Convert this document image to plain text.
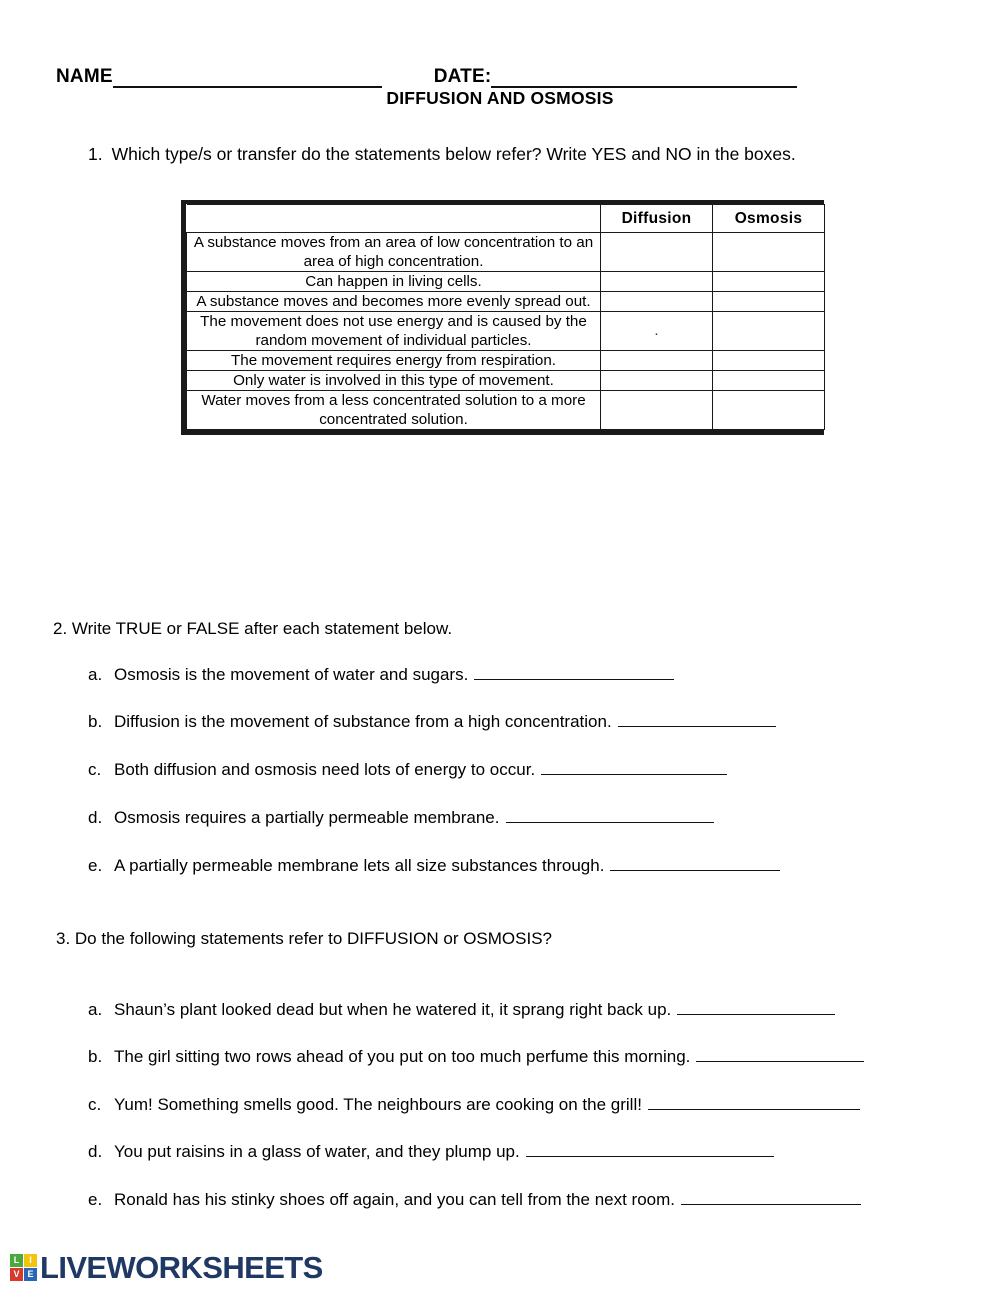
NAME	DATE:
DIFFUSION AND OSMOSIS
1. Which type/s or transfer do the statements below refer? Write YES and NO in the boxes.
	Diffusion	Osmosis
A substance moves from an area of low concentration to an area of high concentration.	

Can happen in living cells.	

A substance moves and becomes more evenly spread out.	

The movement does not use energy and is caused by the random movement of individual particles.	.	

The movement requires energy from respiration.	

Only water is involved in this type of movement.	

Water moves from a less concentrated solution to a more concentrated solution.	

2. Write TRUE or FALSE after each statement below.
a. Osmosis is the movement of water and sugars.
b. Diffusion is the movement of substance from a high concentration.
c. Both diffusion and osmosis need lots of energy to occur.
d. Osmosis requires a partially permeable membrane.
e. A partially permeable membrane lets all size substances through.
3. Do the following statements refer to DIFFUSION or OSMOSIS?
a. Shaun’s plant looked dead but when he watered it, it sprang right back up.
b. The girl sitting two rows ahead of you put on too much perfume this morning.
c. Yum! Something smells good. The neighbours are cooking on the grill!
d. You put raisins in a glass of water, and they plump up.
e. Ronald has his stinky shoes off again, and you can tell from the next room.
L	I
V E LIVEWORKSHEETS
